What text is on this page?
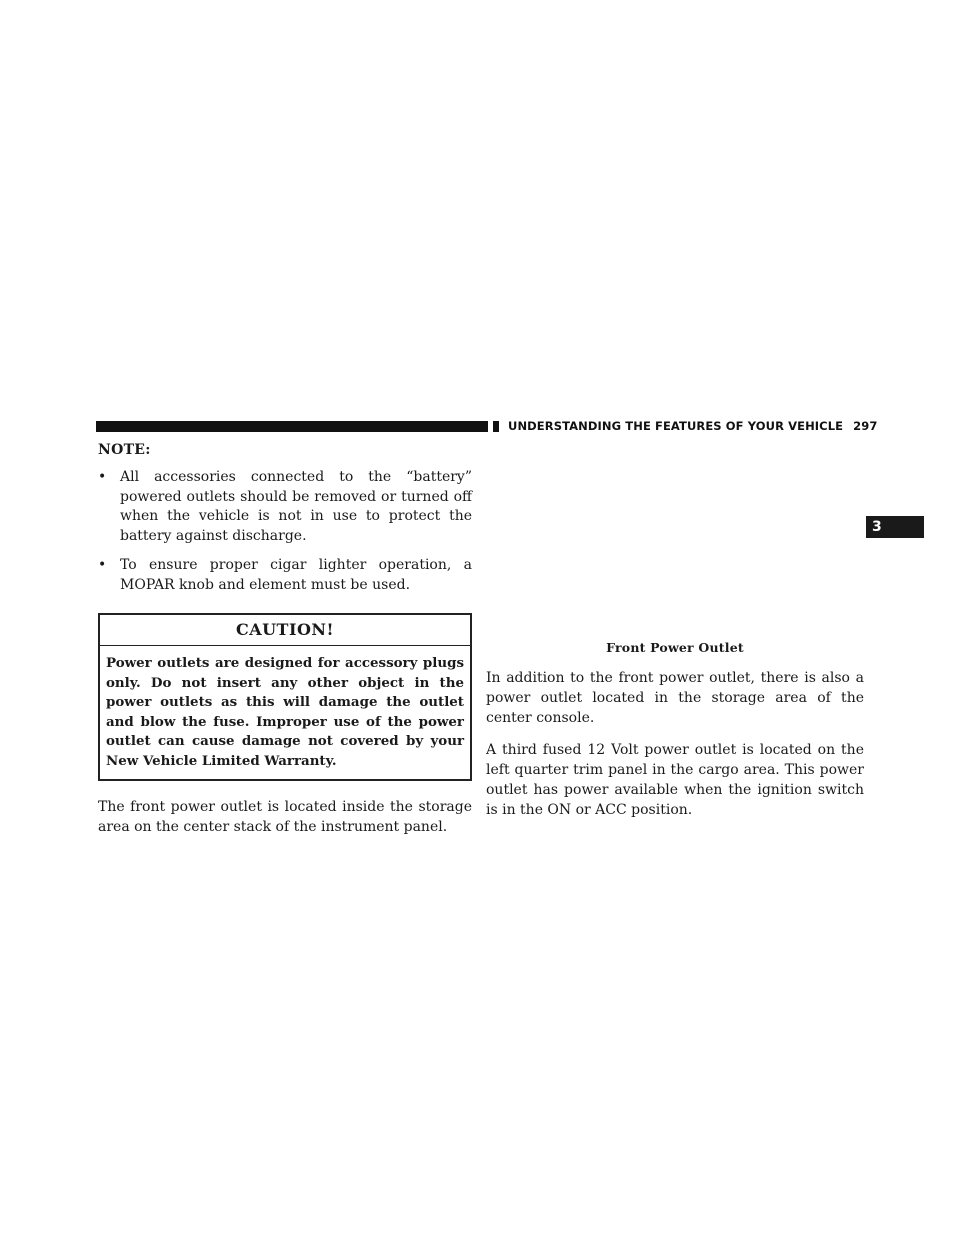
UNDERSTANDING THE FEATURES OF YOUR VEHICLE 297
3
NOTE:
• All accessories connected to the “battery” powered outlets should be removed or turned off when the vehicle is not in use to protect the battery against discharge.
• To ensure proper cigar lighter operation, a MOPAR knob and element must be used.
CAUTION!
Power outlets are designed for accessory plugs only. Do not insert any other object in the power outlets as this will damage the outlet and blow the fuse. Improper use of the power outlet can cause damage not covered by your New Vehicle Limited Warranty.

The front power outlet is located inside the storage area on the center stack of the instrument panel.

Front Power Outlet

In addition to the front power outlet, there is also a power outlet located in the storage area of the center console.

A third fused 12 Volt power outlet is located on the left quarter trim panel in the cargo area. This power outlet has power available when the ignition switch is in the ON or ACC position.
